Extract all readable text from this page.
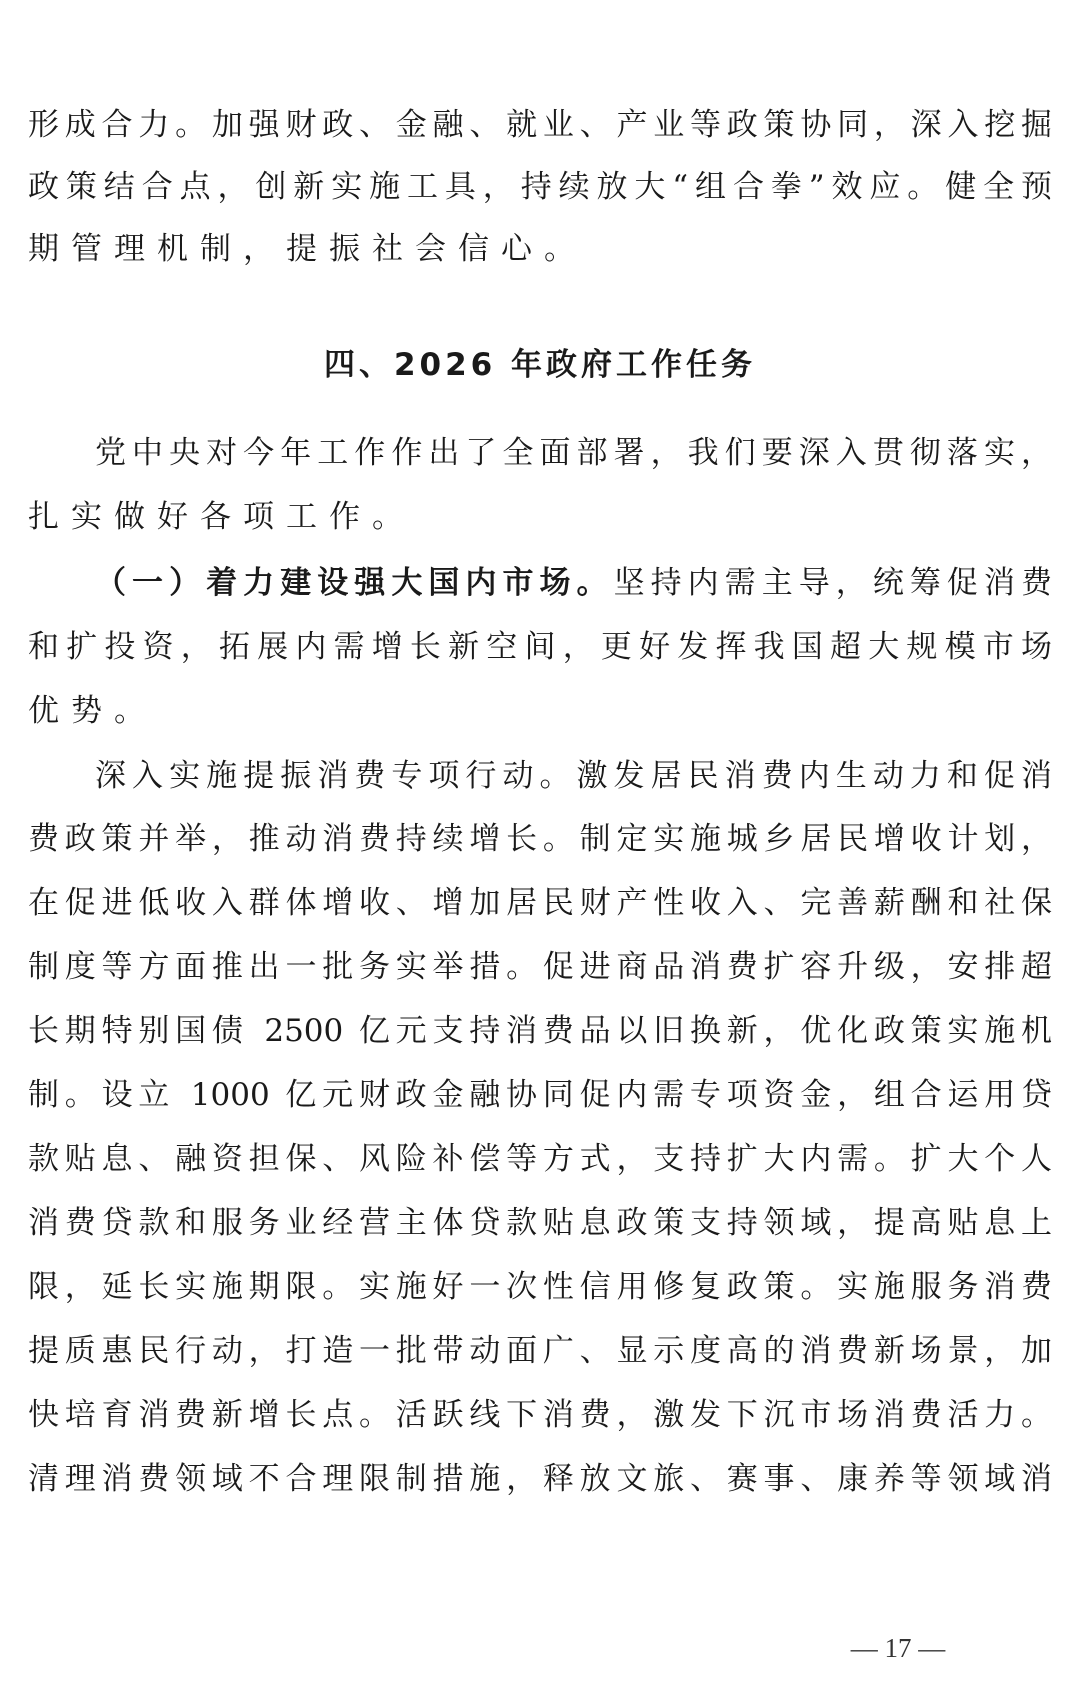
形成合力。加强财政、金融、就业、产业等政策协同，深入挖掘
政策结合点，创新实施工具，持续放大“组合拳”效应。健全预
期管理机制，提振社会信心。
四、2026 年政府工作任务
党中央对今年工作作出了全面部署，我们要深入贯彻落实，
扎实做好各项工作。
（一）着力建设强大国内市场。坚持内需主导，统筹促消费
和扩投资，拓展内需增长新空间，更好发挥我国超大规模市场
优势。
深入实施提振消费专项行动。激发居民消费内生动力和促消
费政策并举，推动消费持续增长。制定实施城乡居民增收计划，
在促进低收入群体增收、增加居民财产性收入、完善薪酬和社保
制度等方面推出一批务实举措。促进商品消费扩容升级，安排超
长期特别国债 2500 亿元支持消费品以旧换新，优化政策实施机
制。设立 1000 亿元财政金融协同促内需专项资金，组合运用贷
款贴息、融资担保、风险补偿等方式，支持扩大内需。扩大个人
消费贷款和服务业经营主体贷款贴息政策支持领域，提高贴息上
限，延长实施期限。实施好一次性信用修复政策。实施服务消费
提质惠民行动，打造一批带动面广、显示度高的消费新场景，加
快培育消费新增长点。活跃线下消费，激发下沉市场消费活力。
清理消费领域不合理限制措施，释放文旅、赛事、康养等领域消
— 17 —
